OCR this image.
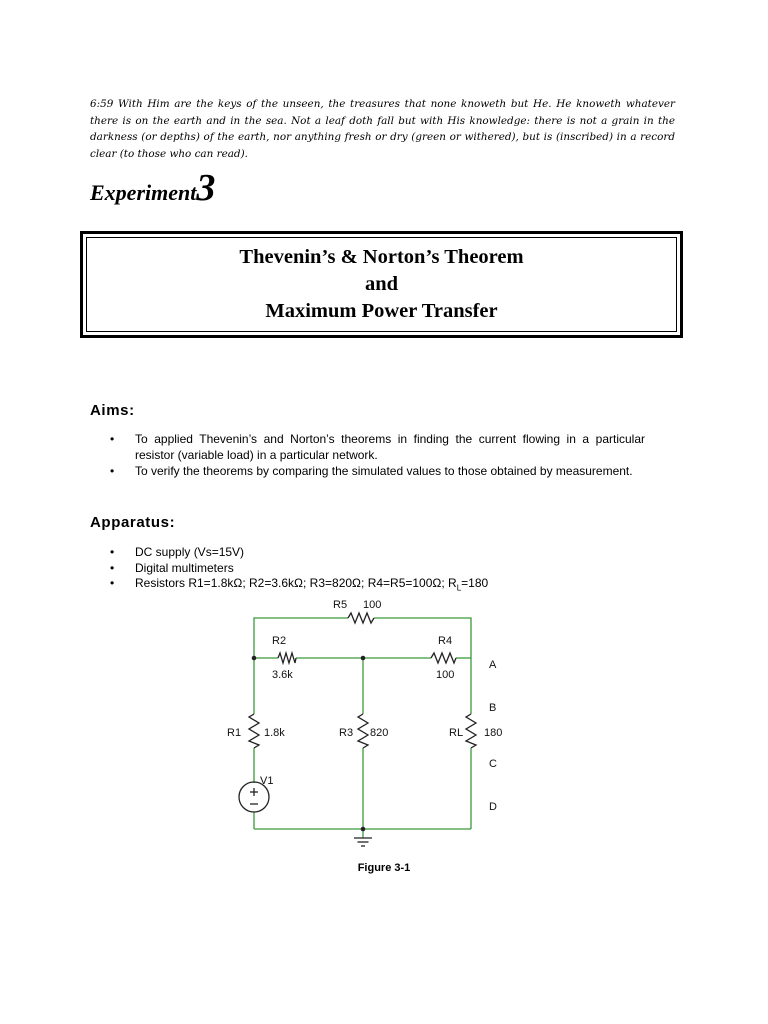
6:59 With Him are the keys of the unseen, the treasures that none knoweth but He. He knoweth whatever there is on the earth and in the sea. Not a leaf doth fall but with His knowledge: there is not a grain in the darkness (or depths) of the earth, nor anything fresh or dry (green or withered), but is (inscribed) in a record clear (to those who can read).
Experiment3
Thevenin’s & Norton’s Theorem
and
Maximum Power Transfer
Aims:
• To applied Thevenin’s and Norton’s theorems in finding the current flowing in a particular resistor (variable load) in a particular network.
• To verify the theorems by comparing the simulated values to those obtained by measurement.
Apparatus:
• DC supply (Vs=15V)
• Digital multimeters
• Resistors R1=1.8kΩ; R2=3.6kΩ; R3=820Ω; R4=R5=100Ω; $R_L=180$
R5 100
R2
3.6k
R4
100
A
B
C
D
R1 1.8k	R3 820	RL 180
V1
Figure 3-1
